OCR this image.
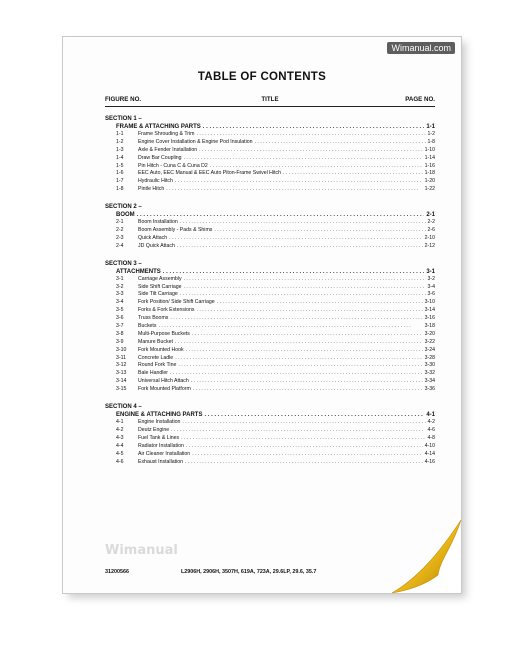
Wimanual.com
TABLE OF CONTENTS
FIGURE NO.	TITLE	PAGE NO.
SECTION 1 –
FRAME & ATTACHING PARTS . . .	1-1
1-1	Frame Shrouding & Trim . . .	1-2
1-2	Engine Cover Installation & Engine Pod Insulation . . .	1-8
1-3	Axle & Fender Installation . . .	1-10
1-4	Draw Bar Coupling . . .	1-14
1-5	Pin Hitch - Cuna C & Cuna D2 . . .	1-16
1-6	EEC Auto, EEC Manual & EEC Auto Piton-Frame Swivel Hitch . . .	1-18
1-7	Hydraulic Hitch . . .	1-20
1-8	Pintle Hitch . . .	1-22
SECTION 2 –
BOOM . . .	2-1
2-1	Boom Installation . . .	2-2
2-2	Boom Assembly - Pads & Shims . . .	2-6
2-3	Quick Attach . . .	2-10
2-4	JD Quick Attach . . .	2-12
SECTION 3 –
ATTACHMENTS . . .	3-1
3-1	Carriage Assembly . . .	3-2
3-2	Side Shift Carriage . . .	3-4
3-3	Side Tilt Carriage . . .	3-6
3-4	Fork Position/ Side Shift Carriage . . .	3-10
3-5	Forks & Fork Extensions . . .	3-14
3-6	Truss Booms . . .	3-16
3-7	Buckets . . .	3-18
3-8	Multi-Purpose Buckets . . .	3-20
3-9	Manure Bucket . . .	3-22
3-10	Fork Mounted Hook . . .	3-24
3-11	Concrete Ladle . . .	3-28
3-12	Round Fork Tine . . .	3-30
3-13	Bale Handler . . .	3-32
3-14	Universal Hitch Attach . . .	3-34
3-15	Fork Mounted Platform . . .	3-36
SECTION 4 –
ENGINE & ATTACHING PARTS . . .	4-1
4-1	Engine Installation . . .	4-2
4-2	Deutz Engine . . .	4-6
4-3	Fuel Tank & Lines . . .	4-8
4-4	Radiator Installation . . .	4-10
4-5	Air Cleaner Installation . . .	4-14
4-6	Exhaust Installation . . .	4-16
Wimanual
31200566	L2906H, 2906H, 3507H, 619A, 723A, 29.6LP, 29.6, 35.7
